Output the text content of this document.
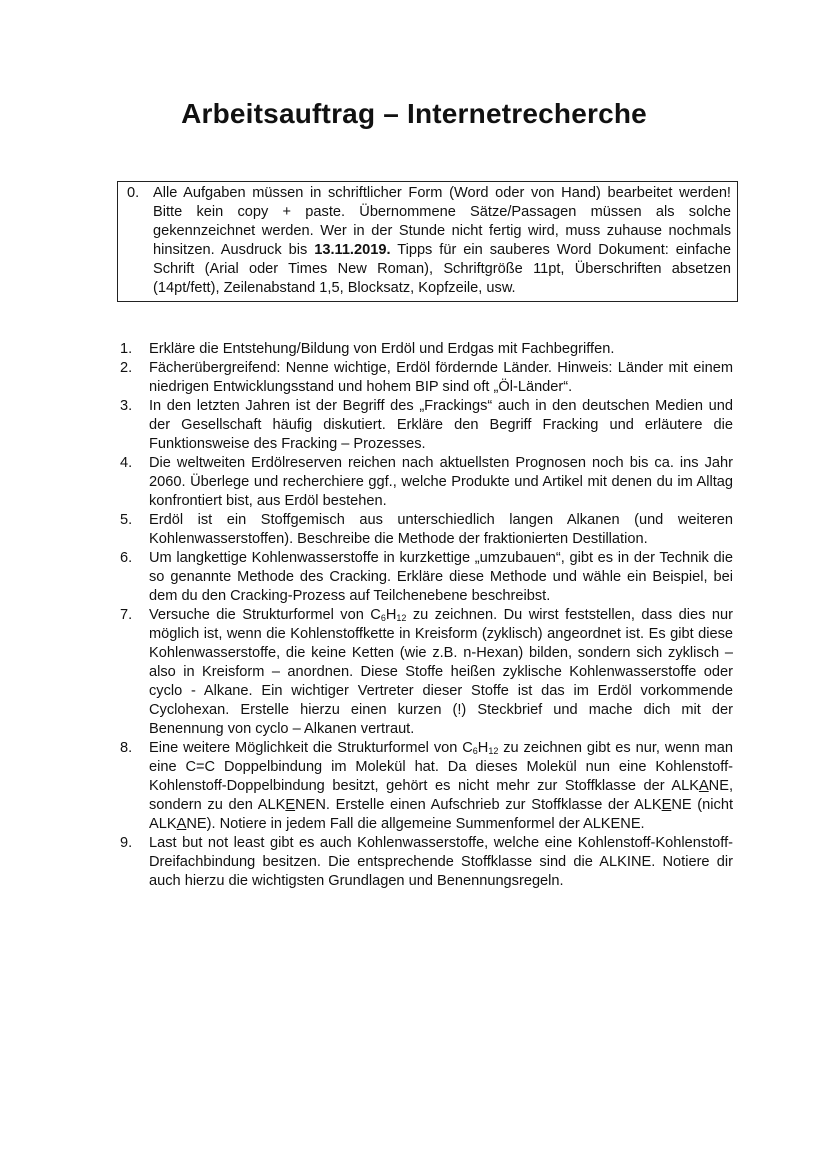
Arbeitsauftrag – Internetrecherche
0. Alle Aufgaben müssen in schriftlicher Form (Word oder von Hand) bearbeitet werden! Bitte kein copy + paste. Übernommene Sätze/Passagen müssen als solche gekennzeichnet werden. Wer in der Stunde nicht fertig wird, muss zuhause nochmals hinsitzen. Ausdruck bis 13.11.2019. Tipps für ein sauberes Word Dokument: einfache Schrift (Arial oder Times New Roman), Schriftgröße 11pt, Überschriften absetzen (14pt/fett), Zeilenabstand 1,5, Blocksatz, Kopfzeile, usw.
1.	Erkläre die Entstehung/Bildung von Erdöl und Erdgas mit Fachbegriffen.
2.	Fächerübergreifend: Nenne wichtige, Erdöl fördernde Länder. Hinweis: Länder mit einem niedrigen Entwicklungsstand und hohem BIP sind oft „Öl-Länder“.
3.	In den letzten Jahren ist der Begriff des „Frackings“ auch in den deutschen Medien und der Gesellschaft häufig diskutiert. Erkläre den Begriff Fracking und erläutere die Funktionsweise des Fracking – Prozesses.
4.	Die weltweiten Erdölreserven reichen nach aktuellsten Prognosen noch bis ca. ins Jahr 2060. Überlege und recherchiere ggf., welche Produkte und Artikel mit denen du im Alltag konfrontiert bist, aus Erdöl bestehen.
5.	Erdöl ist ein Stoffgemisch aus unterschiedlich langen Alkanen (und weiteren Kohlenwasserstoffen). Beschreibe die Methode der fraktionierten Destillation.
6.	Um langkettige Kohlenwasserstoffe in kurzkettige „umzubauen“, gibt es in der Technik die so genannte Methode des Cracking. Erkläre diese Methode und wähle ein Beispiel, bei dem du den Cracking-Prozess auf Teilchenebene beschreibst.
7.	Versuche die Strukturformel von $C_6H_{12}$ zu zeichnen. Du wirst feststellen, dass dies nur möglich ist, wenn die Kohlenstoffkette in Kreisform (zyklisch) angeordnet ist. Es gibt diese Kohlenwasserstoffe, die keine Ketten (wie z.B. n-Hexan) bilden, sondern sich zyklisch – also in Kreisform – anordnen. Diese Stoffe heißen zyklische Kohlenwasserstoffe oder cyclo - Alkane. Ein wichtiger Vertreter dieser Stoffe ist das im Erdöl vorkommende Cyclohexan. Erstelle hierzu einen kurzen (!) Steckbrief und mache dich mit der Benennung von cyclo – Alkanen vertraut.
8.	Eine weitere Möglichkeit die Strukturformel von $C_6H_{12}$ zu zeichnen gibt es nur, wenn man eine C=C Doppelbindung im Molekül hat. Da dieses Molekül nun eine Kohlenstoff-Kohlenstoff-Doppelbindung besitzt, gehört es nicht mehr zur Stoffklasse der ALKANE, sondern zu den ALKENEN. Erstelle einen Aufschrieb zur Stoffklasse der ALKENE (nicht ALKANE). Notiere in jedem Fall die allgemeine Summenformel der ALKENE.
9.	Last but not least gibt es auch Kohlenwasserstoffe, welche eine Kohlenstoff-Kohlenstoff-Dreifachbindung besitzen. Die entsprechende Stoffklasse sind die ALKINE. Notiere dir auch hierzu die wichtigsten Grundlagen und Benennungsregeln.
